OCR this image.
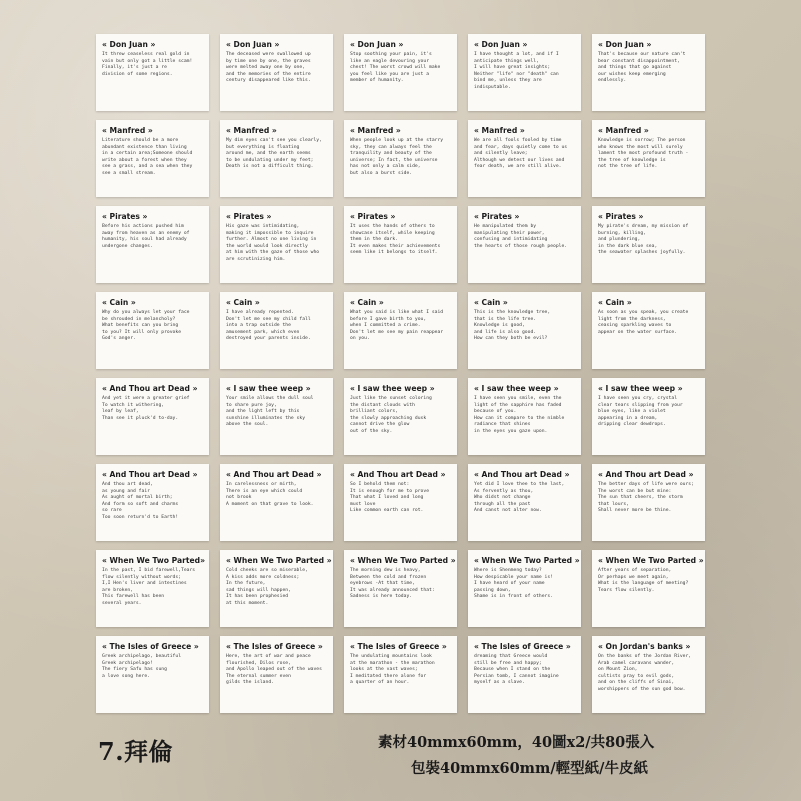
« Don Juan »
It threw ceaseless real gold in
vain but only got a little scam!
Finally, it's just a re
division of some regions.
« Don Juan »
The deceased were swallowed up
by time one by one, the graves
were melted away one by one,
and the memories of the entire
century disappeared like this.
« Don Juan »
Stop soothing your pain, it's
like an eagle devouring your
chest! The worst crowd will make
you feel like you are just a
member of humanity.
« Don Juan »
I have thought a lot, and if I
anticipate things well,
I will have great insights;
Neither "life" nor "death" can
bind me, unless they are
indisputable.
« Don Juan »
That's because our nature can't
bear constant disappointment,
and things that go against
our wishes keep emerging
endlessly.
« Manfred »
Literature should be a more
abundant existence than living
in a certain area;Someone should
write about a forest when they
see a grass, and a sea when they
see a small stream.
« Manfred »
My dim eyes can't see you clearly,
but everything is floating
around me, and the earth seems
to be undulating under my feet;
Death is not a difficult thing.
« Manfred »
When people look up at the starry
sky, they can always feel the
tranquility and beauty of the
universe; In fact, the universe
has not only a calm side,
but also a burst side.
« Manfred »
We are all fools fooled by time
and fear, days quietly come to us
and silently leave;
Although we detest our lives and
fear death, we are still alive.
« Manfred »
Knowledge is sorrow; The person
who knows the most will surely
lament the most profound truth -
the tree of knowledge is
not the tree of life.
« Pirates »
Before his actions pushed him
away from heaven as an enemy of
humanity, his soul had already
undergone changes.
« Pirates »
His gaze was intimidating,
making it impossible to inquire
further. Almost no one living in
the world would look directly
at him with the gaze of those who
are scrutinizing him.
« Pirates »
It uses the hands of others to
showcase itself, while keeping
them in the dark.
It even makes their achievements
seem like it belongs to itself.
« Pirates »
He manipulated them by
manipulating their power,
confusing and intimidating
the hearts of those rough people.
« Pirates »
My pirate's dream, my mission of
burning, killing,
and plundering,
in the dark blue sea,
the seawater splashes joyfully.
« Cain »
Why do you always let your face
be shrouded in melancholy?
What benefits can you bring
to you? It will only provoke
God's anger.
« Cain »
I have already repented.
Don't let me see my child fall
into a trap outside the
amusement park, which even
destroyed your parents inside.
« Cain »
What you said is like what I said
before I gave birth to you,
when I committed a crime.
Don't let me see my pain reappear
on you.
« Cain »
This is the knowledge tree,
that is the life tree.
Knowledge is good,
and life is also good.
How can they both be evil?
« Cain »
As soon as you speak, you create
light from the darkness,
ceasing sparkling waves to
appear on the water surface.
« And Thou art Dead »
And yet it were a greater grief
To watch it withering,
leaf by leaf,
Than see it pluck'd to-day.
« I saw thee weep »
Your smile allows the dull soul
to share pure joy,
and the light left by this
sunshine illuminates the sky
above the soul.
« I saw thee weep »
Just like the sunset coloring
the distant clouds with
brilliant colors,
the slowly approaching dusk
cannot drive the glow
out of the sky.
« I saw thee weep »
I have seen you smile, even the
light of the sapphire has faded
because of you.
How can it compare to the nimble
radiance that shines
in the eyes you gaze upon.
« I saw thee weep »
I have seen you cry, crystal
clear tears slipping from your
blue eyes, like a violet
appearing in a dream,
dripping clear dewdrops.
« And Thou art Dead »
And thou art dead,
as young and fair
As aught of mortal birth;
And form so soft and charms
so rare
Too soon return'd to Earth!
« And Thou art Dead »
In carelessness or mirth,
There is an eye which could
not brook
A moment on that grave to look.
« And Thou art Dead »
So I behold them not:
It is enough for me to prove
That what I loved and long
must love
Like common earth can rot.
« And Thou art Dead »
Yet did I love thee to the last,
As fervently as thou,
Who didst not change
through all the past
And canst not alter now.
« And Thou art Dead »
The better days of life were ours;
The worst can be but mine:
The sun that cheers, the storm
that lours,
Shall never more be thine.
« When We Two Parted»
In the past, I bid farewell,Tears
flow silently without words;
I,I Hen's liver and intestines
are broken,
This farewell has been
several years.
« When We Two Parted »
Cold cheeks are so miserable,
A kiss adds more coldness;
In the future,
sad things will happen,
It has been prophesied
at this moment.
« When We Two Parted »
The morning dew is heavy,
Between the cold and frozen
eyebrows -At that time,
It was already announced that:
Sadness is here today.
« When We Two Parted »
Where is Shenmeng today?
How despicable your name is!
I have heard of your name
passing down,
Shame is in front of others.
« When We Two Parted »
After years of separation,
Or perhaps we meet again,
What is the language of meeting?
Tears flow silently.
« The Isles of Greece »
Greek archipelago, beautiful
Greek archipelago!
The fiery Safu has sung
a love song here.
« The Isles of Greece »
Here, the art of war and peace
flourished, Dilos rose,
and Apollo leaped out of the waves
The eternal summer even
gilds the island.
« The Isles of Greece »
The undulating mountains look
at the marathon - the marathon
looks at the vast waves;
I meditated there alone for
a quarter of an hour.
« The Isles of Greece »
dreaming that Greece would
still be free and happy;
Because when I stand on the
Persian tomb, I cannot imagine
myself as a slave.
« On Jordan's banks »
On the banks of the Jordan River,
Arab camel caravans wander,
on Mount Zion,
cultists pray to evil gods,
and on the cliffs of Sinai,
worshippers of the sun god bow.
7.拜倫	素材40mmx60mm，40圖x2/共80張入
包裝40mmx60mm/輕型紙/牛皮紙
